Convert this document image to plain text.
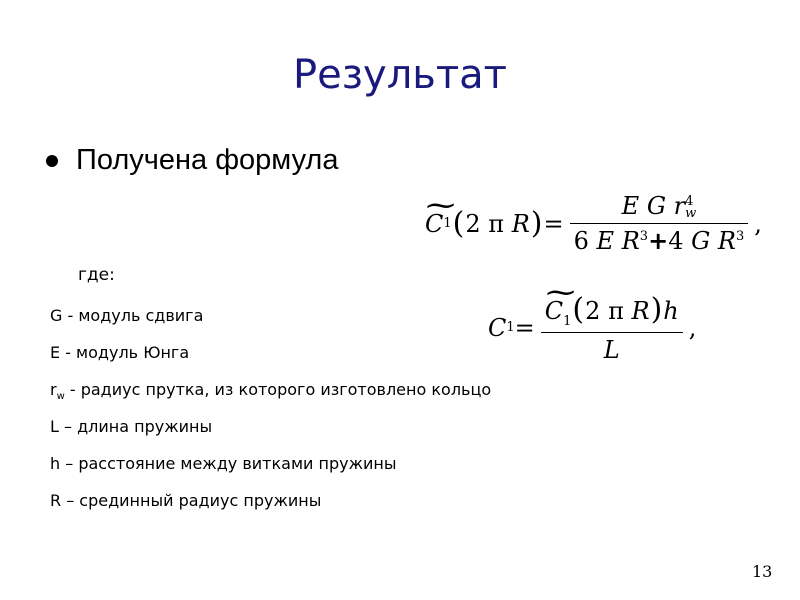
Результат
Получена формула
~ C 1 ( 2
π
R ) = E G r 4
w
6 E $R^3+4$ G $R^3$ ,
C 1 =
~ $\frac{C_1(2 \pi R)h}{L}$ ,
где:
G - модуль сдвига
E - модуль Юнга
$r_w$ - радиус прутка, из которого изготовлено кольцо
L – длина пружины
h – расстояние между витками пружины
R – срединный радиус пружины
13
